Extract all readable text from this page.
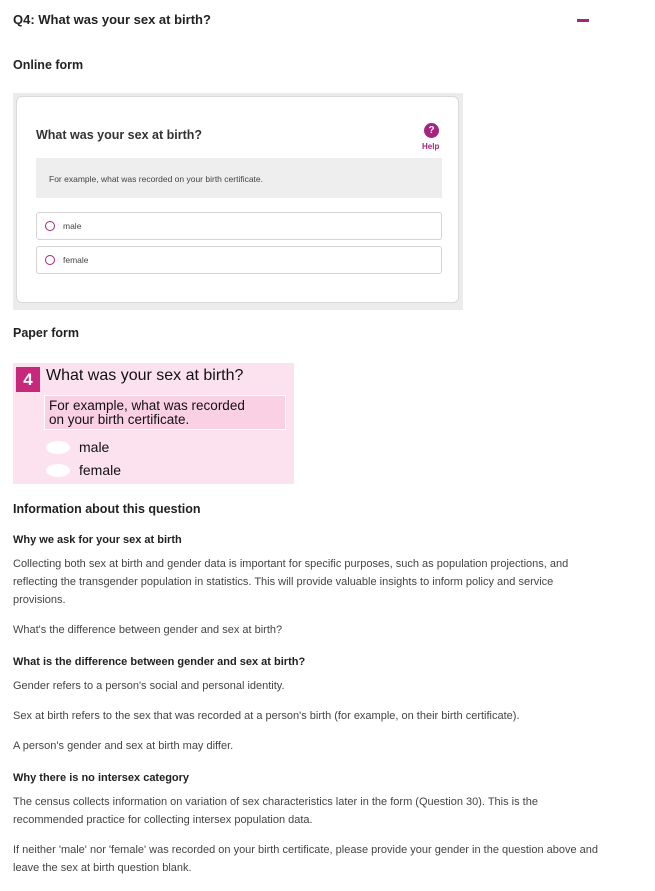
Q4: What was your sex at birth?
Online form
What was your sex at birth?	?
Help
For example, what was recorded on your birth certificate.
male
female
Paper form
4 What was your sex at birth?
For example, what was recorded
on your birth certificate.
male
female
Information about this question
Why we ask for your sex at birth
Collecting both sex at birth and gender data is important for specific purposes, such as population projections, and reflecting the transgender population in statistics. This will provide valuable insights to inform policy and service provisions.
What's the difference between gender and sex at birth?
What is the difference between gender and sex at birth?
Gender refers to a person's social and personal identity.
Sex at birth refers to the sex that was recorded at a person's birth (for example, on their birth certificate).
A person's gender and sex at birth may differ.
Why there is no intersex category
The census collects information on variation of sex characteristics later in the form (Question 30). This is the recommended practice for collecting intersex population data.
If neither 'male' nor 'female' was recorded on your birth certificate, please provide your gender in the question above and leave the sex at birth question blank.
